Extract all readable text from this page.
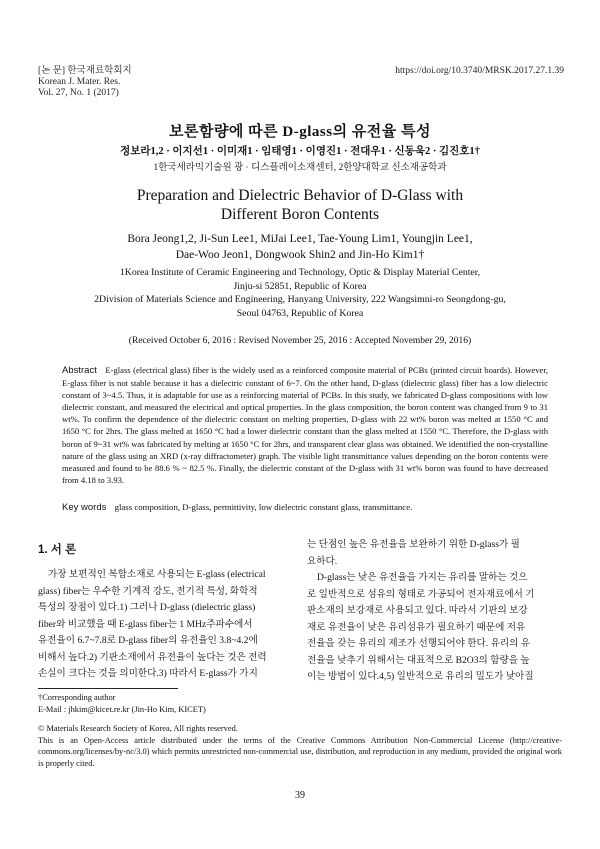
[논 문] 한국재료학회지
Korean J. Mater. Res.
Vol. 27, No. 1 (2017)
https://doi.org/10.3740/MRSK.2017.27.1.39
보론함량에 따른 D-glass의 유전율 특성
정보라1,2 · 이지선1 · 이미재1 · 임태영1 · 이영진1 · 전대우1 · 신동욱2 · 김진호1†
1한국세라믹기술원 광 · 디스플레이소재센터, 2한양대학교 신소재공학과
Preparation and Dielectric Behavior of D-Glass with
Different Boron Contents
Bora Jeong1,2, Ji-Sun Lee1, MiJai Lee1, Tae-Young Lim1, Youngjin Lee1,
Dae-Woo Jeon1, Dongwook Shin2 and Jin-Ho Kim1†
1Korea Institute of Ceramic Engineering and Technology, Optic & Display Material Center,
Jinju-si 52851, Republic of Korea
2Division of Materials Science and Engineering, Hanyang University, 222 Wangsimni-ro Seongdong-gu,
Seoul 04763, Republic of Korea
(Received October 6, 2016 : Revised November 25, 2016 : Accepted November 29, 2016)
Abstract E-glass (electrical glass) fiber is the widely used as a reinforced composite material of PCBs (printed circuit boards). However, E-glass fiber is not stable because it has a dielectric constant of 6~7. On the other hand, D-glass (dielectric glass) fiber has a low dielectric constant of 3~4.5. Thus, it is adaptable for use as a reinforcing material of PCBs. In this study, we fabricated D-glass compositions with low dielectric constant, and measured the electrical and optical properties. In the glass composition, the boron content was changed from 9 to 31 wt%. To confirm the dependence of the dielectric constant on melting properties, D-glass with 22 wt% boron was melted at 1550 °C and 1650 °C for 2hrs. The glass melted at 1650 °C had a lower dielectric constant than the glass melted at 1550 °C. Therefore, the D-glass with boron of 9~31 wt% was fabricated by melting at 1650 °C for 2hrs, and transparent clear glass was obtained. We identified the non-crystalline nature of the glass using an XRD (x-ray diffractometer) graph. The visible light transmittance values depending on the boron contents were measured and found to be 88.6 % ~ 82.5 %. Finally, the dielectric constant of the D-glass with 31 wt% boron was found to have decreased from 4.18 to 3.93.
Key words glass composition, D-glass, permittivity, low dielectric constant glass, transmittance.
1. 서 론
가장 보편적인 복합소재로 사용되는 E-glass (electrical
glass) fiber는 우수한 기계적 강도, 전기적 특성, 화학적
특성의 장점이 있다.1) 그러나 D-glass (dielectric glass)
fiber와 비교했을 때 E-glass fiber는 1 MHz주파수에서
유전율이 6.7~7.8로 D-glass fiber의 유전율인 3.8~4.2에
비해서 높다.2) 기판소재에서 유전율이 높다는 것은 전력
손실이 크다는 것을 의미한다.3) 따라서 E-glass가 가지
는 단점인 높은 유전율을 보완하기 위한 D-glass가 필
요하다.
D-glass는 낮은 유전율을 가지는 유리를 말하는 것으
로 일반적으로 섬유의 형태로 가공되어 전자재료에서 기
판소재의 보강재로 사용되고 있다. 따라서 기판의 보강
재로 유전율이 낮은 유리섬유가 필요하기 때문에 저유
전율을 갖는 유리의 제조가 선행되어야 한다. 유리의 유
전율을 낮추기 위해서는 대표적으로 B2O3의 함량을 높
이는 방법이 있다.4,5) 일반적으로 유리의 밀도가 낮아질
†Corresponding author
E-Mail : jhkim@kicet.re.kr (Jin-Ho Kim, KICET)
© Materials Research Society of Korea, All rights reserved.
This is an Open-Access article distributed under the terms of the Creative Commons Attribution Non-Commercial License (http://creative-commons.org/licenses/by-nc/3.0) which permits unrestricted non-commercial use, distribution, and reproduction in any medium, provided the original work is properly cited.
39
